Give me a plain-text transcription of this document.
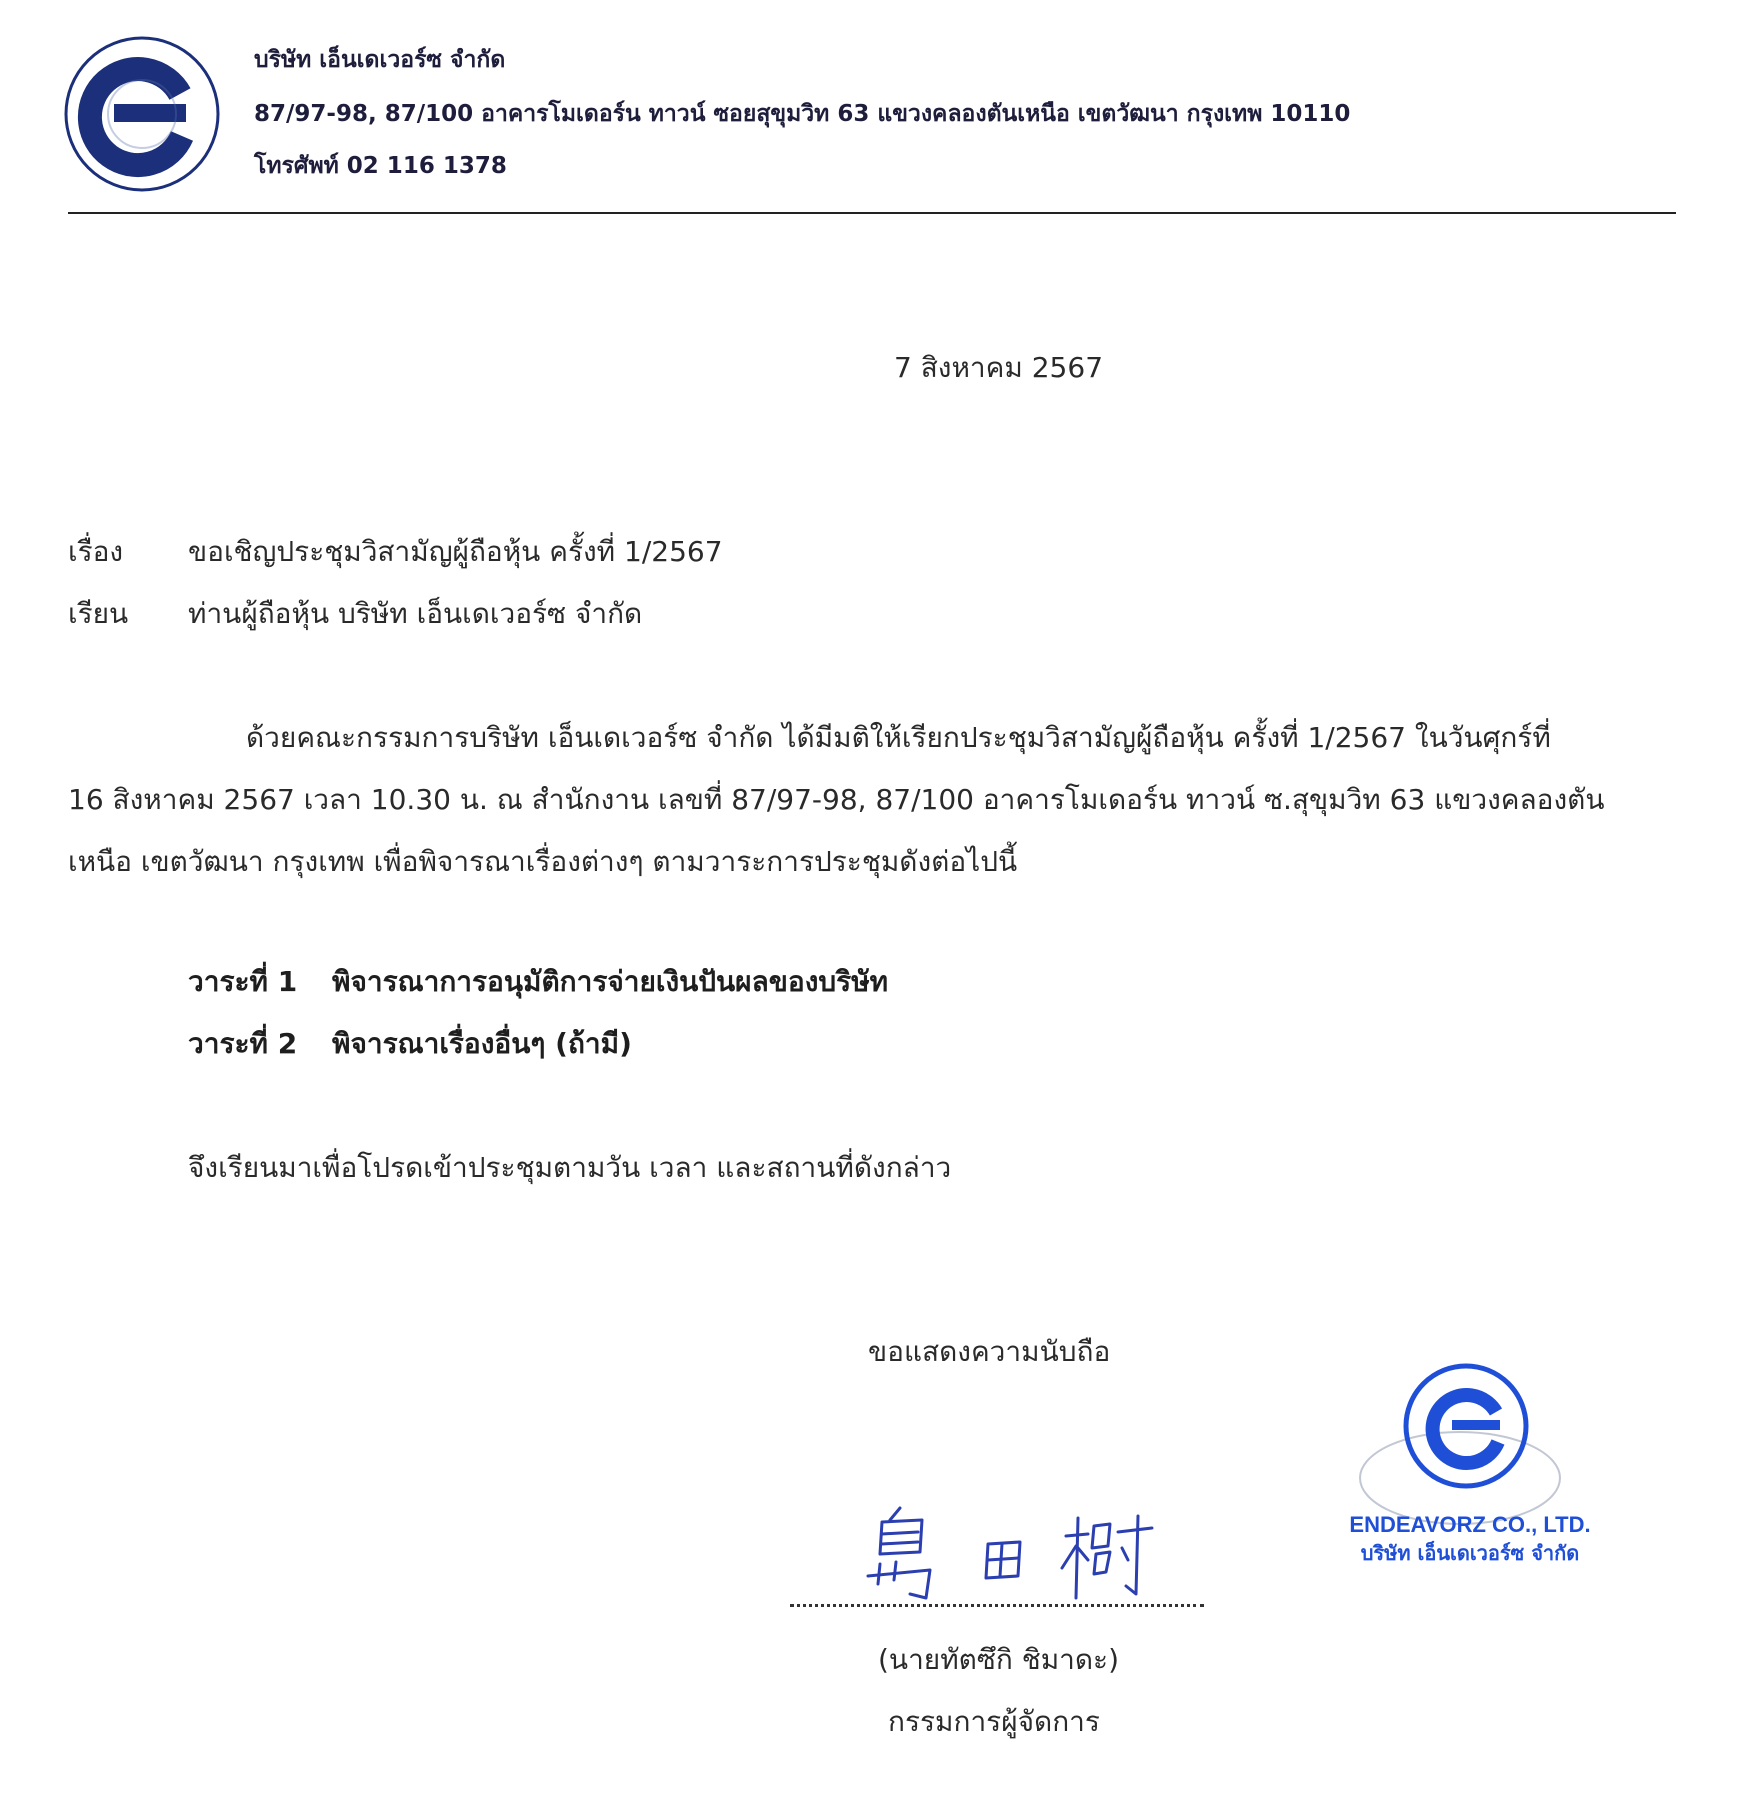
บริษัท เอ็นเดเวอร์ซ จำกัด
87/97-98, 87/100 อาคารโมเดอร์น ทาวน์ ซอยสุขุมวิท 63 แขวงคลองตันเหนือ เขตวัฒนา กรุงเทพ 10110
โทรศัพท์ 02 116 1378
7 สิงหาคม 2567
เรื่อง ขอเชิญประชุมวิสามัญผู้ถือหุ้น ครั้งที่ 1/2567
เรียน ท่านผู้ถือหุ้น บริษัท เอ็นเดเวอร์ซ จำกัด
ด้วยคณะกรรมการบริษัท เอ็นเดเวอร์ซ จำกัด ได้มีมติให้เรียกประชุมวิสามัญผู้ถือหุ้น ครั้งที่ 1/2567 ในวันศุกร์ที่
16 สิงหาคม 2567 เวลา 10.30 น. ณ สำนักงาน เลขที่ 87/97-98, 87/100 อาคารโมเดอร์น ทาวน์ ซ.สุขุมวิท 63 แขวงคลองตัน
เหนือ เขตวัฒนา กรุงเทพ เพื่อพิจารณาเรื่องต่างๆ ตามวาระการประชุมดังต่อไปนี้
วาระที่ 1 พิจารณาการอนุมัติการจ่ายเงินปันผลของบริษัท
วาระที่ 2 พิจารณาเรื่องอื่นๆ (ถ้ามี)
จึงเรียนมาเพื่อโปรดเข้าประชุมตามวัน เวลา และสถานที่ดังกล่าว
ขอแสดงความนับถือ
(นายทัตซึกิ ชิมาดะ)
กรรมการผู้จัดการ
ENDEAVORZ CO., LTD.
บริษัท เอ็นเดเวอร์ซ จำกัด
